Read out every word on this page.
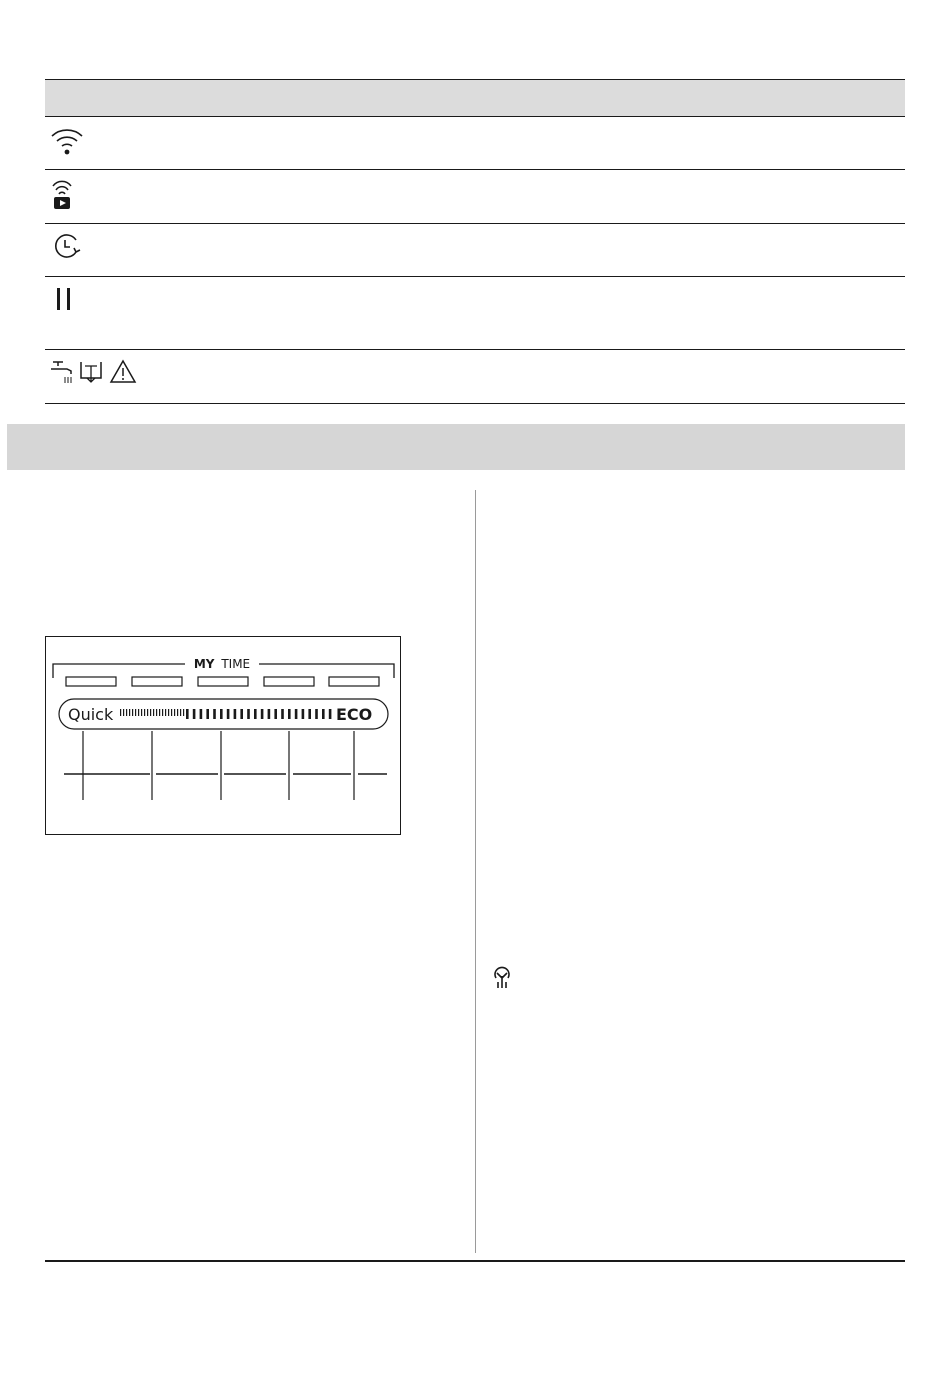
MY TIME
Quick	ECO
